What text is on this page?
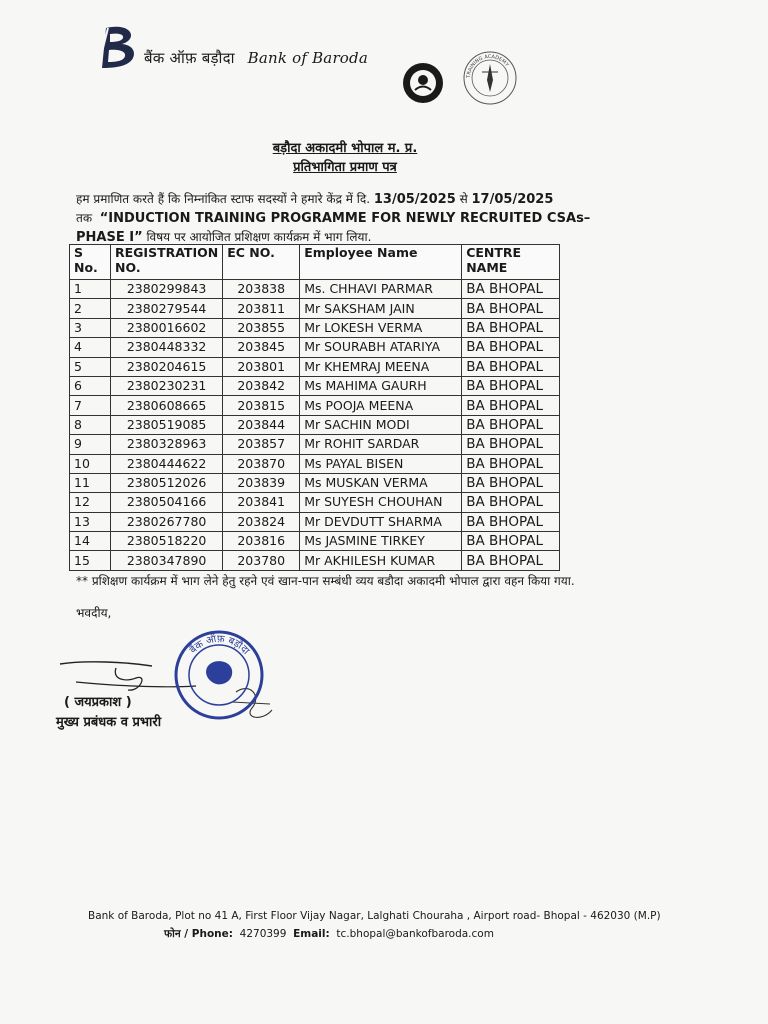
बैंक ऑफ़ बड़ौदा Bank of Baroda
TRAINING ACADEMY
बड़ौदा अकादमी भोपाल म. प्र.
प्रतिभागिता प्रमाण पत्र
हम प्रमाणित करते हैं कि निम्नांकित स्टाफ सदस्यों ने हमारे केंद्र में दि. 13/05/2025 से 17/05/2025
तक “INDUCTION TRAINING PROGRAMME FOR NEWLY RECRUITED CSAs– PHASE I” विषय पर आयोजित प्रशिक्षण कार्यक्रम में भाग लिया.
S No.	REGISTRATION NO.	EC NO.	Employee Name	CENTRE NAME
1	2380299843	203838	Ms. CHHAVI PARMAR	BA BHOPAL
2	2380279544	203811	Mr SAKSHAM JAIN	BA BHOPAL
3	2380016602	203855	Mr LOKESH VERMA	BA BHOPAL
4	2380448332	203845	Mr SOURABH ATARIYA	BA BHOPAL
5	2380204615	203801	Mr KHEMRAJ MEENA	BA BHOPAL
6	2380230231	203842	Ms MAHIMA GAURH	BA BHOPAL
7	2380608665	203815	Ms POOJA MEENA	BA BHOPAL
8	2380519085	203844	Mr SACHIN MODI	BA BHOPAL
9	2380328963	203857	Mr ROHIT SARDAR	BA BHOPAL
10	2380444622	203870	Ms PAYAL BISEN	BA BHOPAL
11	2380512026	203839	Ms MUSKAN VERMA	BA BHOPAL
12	2380504166	203841	Mr SUYESH CHOUHAN	BA BHOPAL
13	2380267780	203824	Mr DEVDUTT SHARMA	BA BHOPAL
14	2380518220	203816	Ms JASMINE TIRKEY	BA BHOPAL
15	2380347890	203780	Mr AKHILESH KUMAR	BA BHOPAL
** प्रशिक्षण कार्यक्रम में भाग लेने हेतु रहने एवं खान-पान सम्बंधी व्यय बडौदा अकादमी भोपाल द्वारा वहन किया गया.
भवदीय,
बैंक ऑफ़ बड़ौदा
( जयप्रकाश )
मुख्य प्रबंधक व प्रभारी
Bank of Baroda, Plot no 41 A, First Floor Vijay Nagar, Lalghati Chouraha , Airport road- Bhopal - 462030 (M.P)
फोन / Phone: 4270399 Email: tc.bhopal@bankofbaroda.com
